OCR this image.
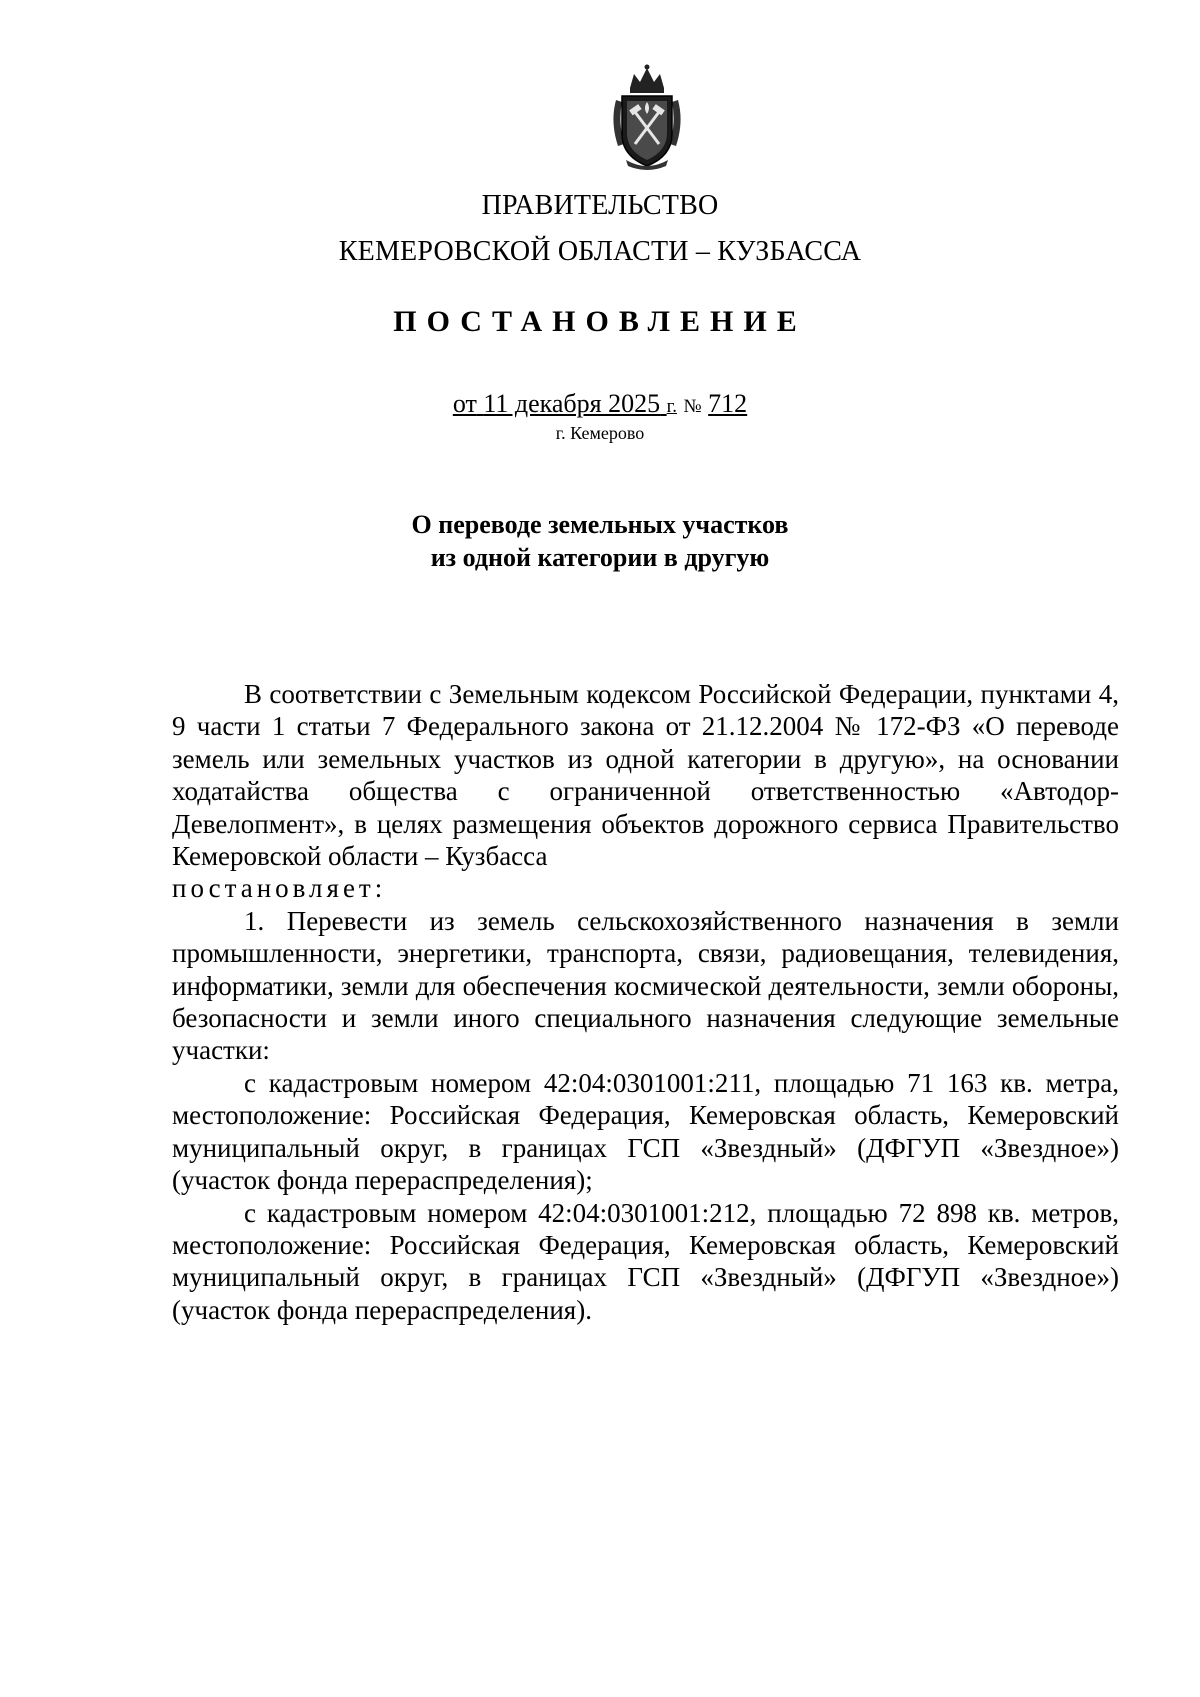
ПРАВИТЕЛЬСТВО
КЕМЕРОВСКОЙ ОБЛАСТИ – КУЗБАССА
ПОСТАНОВЛЕНИЕ
от 11 декабря 2025 г. № 712
г. Кемерово
О переводе земельных участков
из одной категории в другую

В соответствии с Земельным кодексом Российской Федерации, пунктами 4, 9 части 1 статьи 7 Федерального закона от 21.12.2004 № 172-ФЗ «О переводе земель или земельных участков из одной категории в другую», на основании ходатайства общества с ограниченной ответственностью «Автодор-Девелопмент», в целях размещения объектов дорожного сервиса Правительство Кемеровской области – Кузбасса

постановляет:

1. Перевести из земель сельскохозяйственного назначения в земли промышленности, энергетики, транспорта, связи, радиовещания, телевидения, информатики, земли для обеспечения космической деятельности, земли обороны, безопасности и земли иного специального назначения следующие земельные участки:

с кадастровым номером 42:04:0301001:211, площадью 71 163 кв. метра, местоположение: Российская Федерация, Кемеровская область, Кемеровский муниципальный округ, в границах ГСП «Звездный» (ДФГУП «Звездное») (участок фонда перераспределения);

с кадастровым номером 42:04:0301001:212, площадью 72 898 кв. метров, местоположение: Российская Федерация, Кемеровская область, Кемеровский муниципальный округ, в границах ГСП «Звездный» (ДФГУП «Звездное») (участок фонда перераспределения).
